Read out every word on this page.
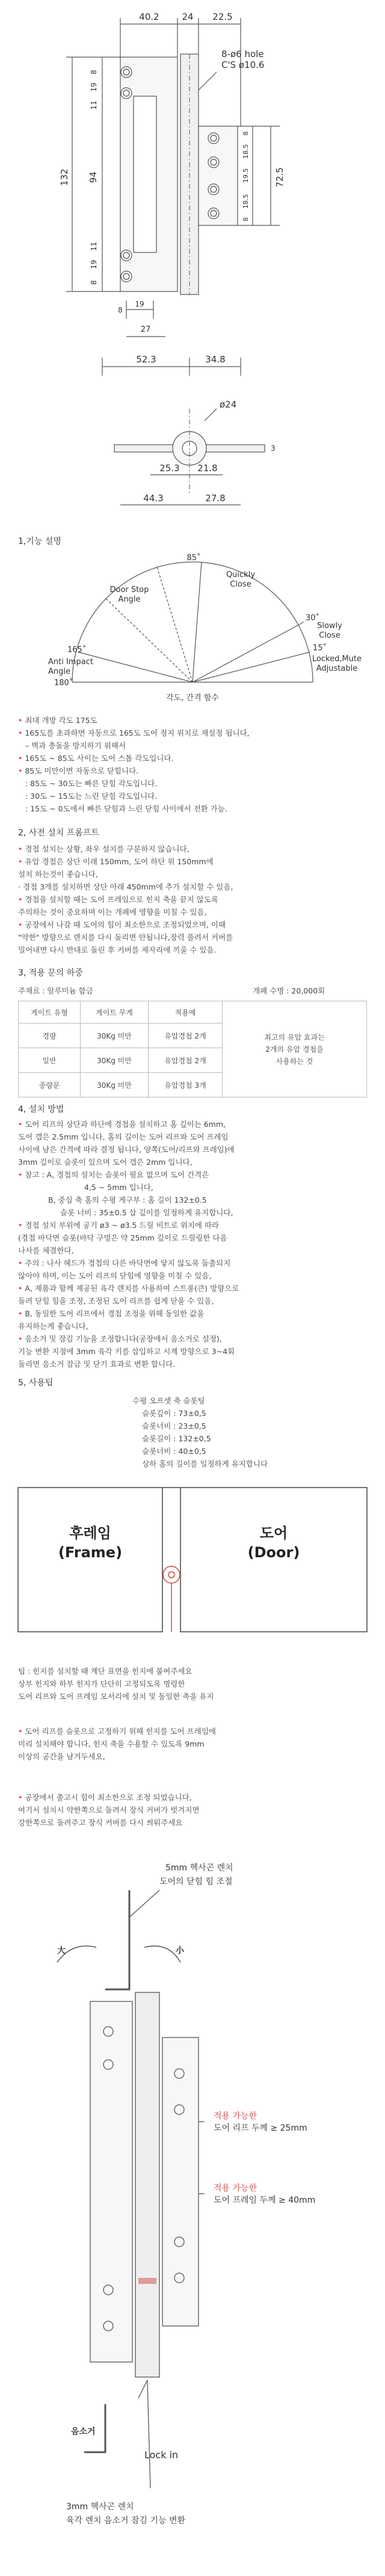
40.2	24 22.5
8-ø6 hole
C'S ø10.6
132
8
19
11
94
11
19
8
72.5
8
18.5
19.5
18.5
8
8
19
27
52.3	34.8
ø24
3
25.3 21.8
44.3	27.8
1,기능 설명
85˚
Door Stop
Angle
Quickly
Close
30˚
Slowly
Close
15˚
Locked,Mute
Adjustable
165˚
Anti Impact
Angle
180˚
각도, 간격 함수
• 최대 개방 각도 175도
• 165도를 초과하면 자동으로 165도 도어 정지 위치로 재설정 됩니다,
– 벽과 충돌을 방지하기 위해서
• 165도 ~ 85도 사이는 도어 스톱 각도입니다.
• 85도 미만이면 자동으로 닫힙니다.
: 85도 ~ 30도는 빠른 닫힘 각도입니다.
: 30도 ~ 15도는 느린 닫힘 각도입니다.
: 15도 ~ 0도에서 빠른 닫힘과 느린 닫힘 사이에서 전환 가능.
2, 사전 설치 프롬프트
• 경첩 설치는 상황, 좌우 설치를 구분하지 않습니다,
• 유압 경첩은 상단 이래 150mm, 도어 하단 위 150mm에
설치 하는것이 좋습니다,
· 경첩 3개를 설치하면 상단 아래 450mm에 추가 설치할 수 있음,
• 경첩을 설치할 때는 도어 프레임으로 힌지 축을 끝지 않도록
주의하는 것이 중요하며 이는 개폐에 영향을 미칠 수 있음,
• 공장에서 나갈 때 도어의 힘이 최소한으로 조정되었으며, 이때
"약한" 방향으로 렌치를 다시 돌리면 안됩니다,장력 풀려서 커버를
밀어내면 다시 반대로 돌린 후 커버를 제자리에 끼울 수 있음.
3, 적용 문의 하중
주재료 : 알루미늄 합금	개폐 수명 : 20,000회
게이트 유형	게이트 무게	적용예	최고의 유압 효과는
2개의 유압 경첩을
사용하는 것

경량	30Kg 미만	유압경첩 2개	
일반	30Kg 미만	유압경첩 2개	
중량문	30Kg 미만	유압경첩 3개	
4, 설치 방법
• 도어 리프의 상단과 하단에 경첩을 설치하고 홈 깊이는 6mm,
도어 갭은 2.5mm 입니다, 홈의 길이는 도어 리프와 도어 프레임
사이에 남은 간격에 따라 결정 됩니다, 양쪽(도어/리프와 프레임)에
3mm 깊이로 슬롯이 있으며 도어 갭은 2mm 입니다,
• 참고 : A, 경첩의 설치는 슬롯이 필요 없으며 도어 간격은
4,5 ~ 5mm 입니다,
B, 중심 축 홈의 수평 게구부 : 홈 길이 132±0.5
슬롯 너비 : 35±0.5 삽 깊이를 일정하게 유지합니다,
• 경첩 설치 부위에 공기 ø3 ~ ø3.5 드릴 비트로 위치에 따라
(경첩 바닥면 슬롯(바닥 구멍은 약 25mm 깊이로 드릴링한 다음
나사를 체결한다,
• 주의 : 나사 헤드가 경첩의 다른 바닥면에 닿지 않도록 돌출되지
않아야 하며, 이는 도어 리프의 닫힘에 영향을 미칠 수 있음,
• A, 제품과 함께 제공된 육각 렌치를 사용하여 스트롱(큰) 방향으로
돌려 닫힘 힘을 조정, 조정된 도어 리프를 쉽게 닫을 수 있음,
• B, 동일한 도어 리프에서 경첩 조정을 위해 동일한 값을
유지하는게 좋습니다,
• 음소거 및 잠김 기능을 조정합니다(공장에서 음소거로 설정),
기능 변환 지점에 3mm 육각 키를 삽입하고 시계 방향으로 3~4회
돌리면 음소거 잠금 및 닫기 효과로 변환 합니다.
5, 사용팁
수평 오프셋 축 슬롯팅
슬롯깊이 : 73±0,5
슬롯너비 : 23±0,5
슬롯길이 : 132±0,5
슬롯너비 : 40±0,5
상하 홈의 길이를 일정하게 유지합니다
후레임
(Frame)
도어
(Door)
팁 : 힌지를 설치할 때 계단 표면을 힌지에 붙여주세요
상부 힌지와 하부 힌지가 단단히 고정되도록 명령한
도어 리프와 도어 프레임 모서리에 설치 및 동일한 축을 유지
• 도어 리프를 슬롯으로 고정하기 위해 힌지를 도어 프레임에
미리 설치해야 합니다, 힌지 축을 수용할 수 있도록 9mm
이상의 공간을 남겨두세요,
• 공장에서 출고시 힘이 최소한으로 조정 되었습니다,
여기서 설치시 약한쪽으로 돌려서 장식 커버가 벗겨지면
강한쪽으로 돌려주고 장식 커버를 다시 씌워주세요
5mm 헥사곤 렌치
도어의 닫힘 힘 조절
大	小
적용 가능한
도어 리프 두께 ≥ 25mm
적용 가능한
도어 프레임 두께 ≥ 40mm
음소거
Lock in
3mm 헥사곤 렌치
육각 렌치 음소거 잠김 기능 변환
